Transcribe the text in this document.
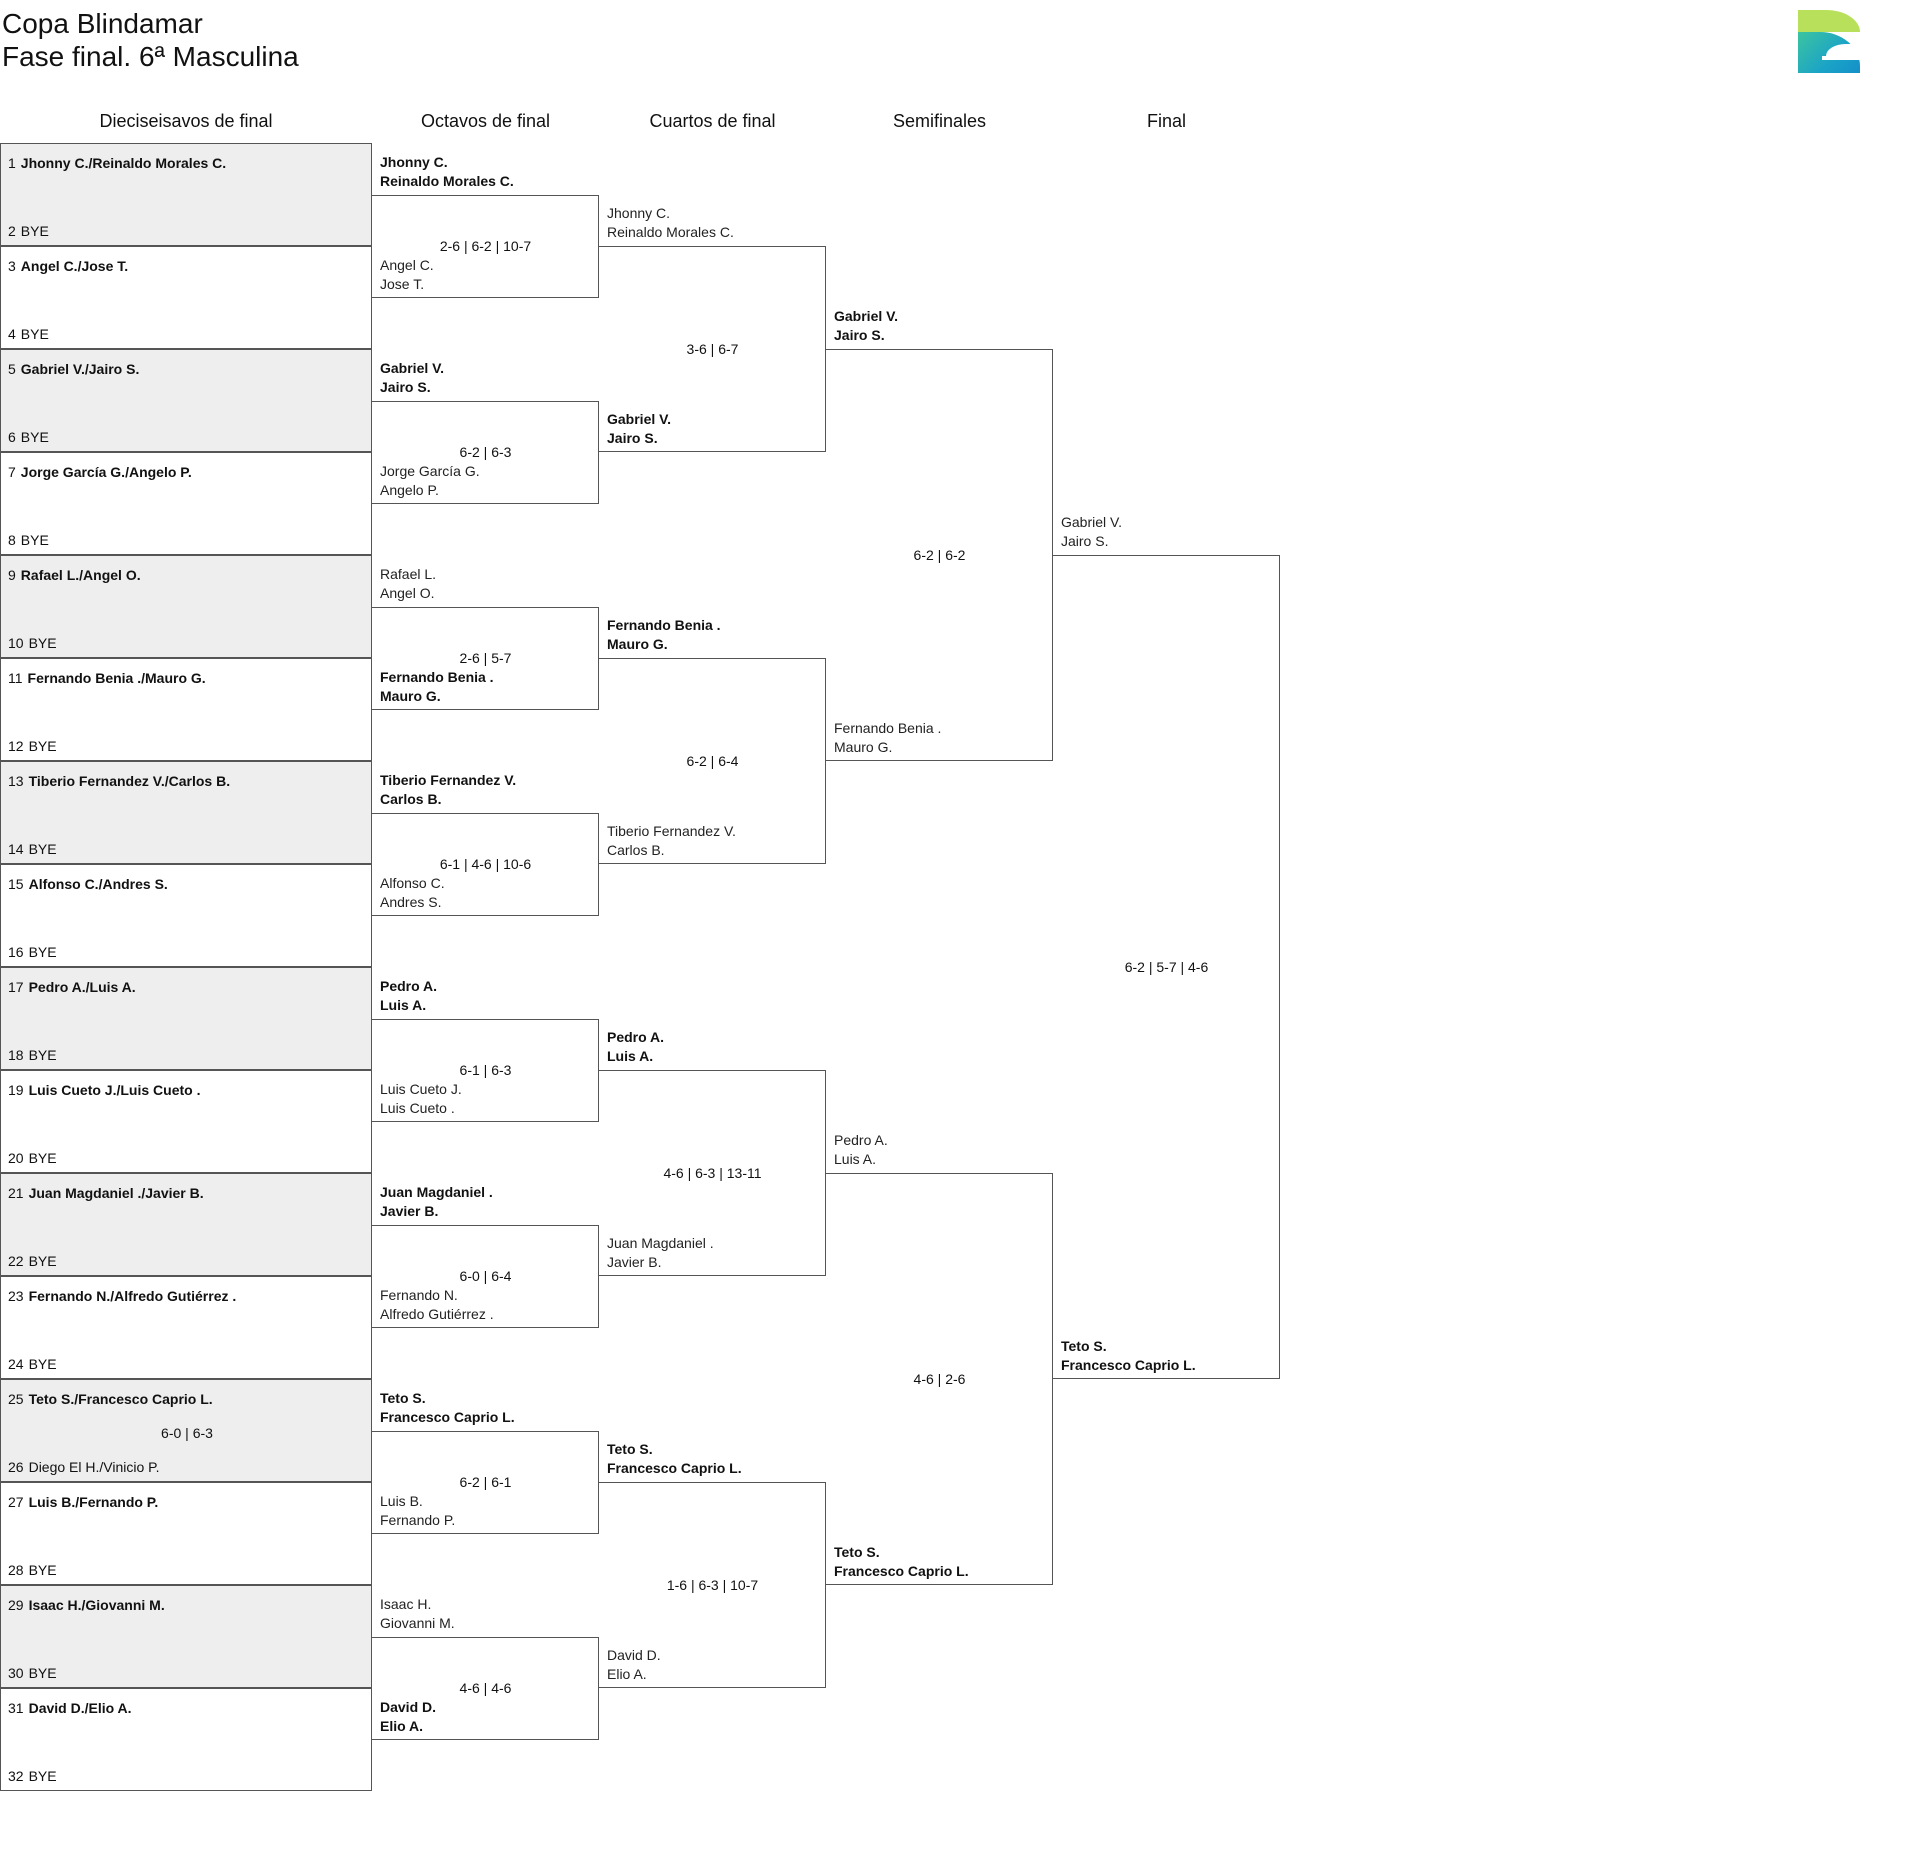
Copa Blindamar
Fase final. 6ª Masculina
Dieciseisavos de final	Octavos de final	Cuartos de final	Semifinales	Final
1 Jhonny C./Reinaldo Morales C.
2 BYE
3 Angel C./Jose T.
4 BYE
5 Gabriel V./Jairo S.
6 BYE
7 Jorge García G./Angelo P.
8 BYE
9 Rafael L./Angel O.
10 BYE
11 Fernando Benia ./Mauro G.
12 BYE
13 Tiberio Fernandez V./Carlos B.
14 BYE
15 Alfonso C./Andres S.
16 BYE
17 Pedro A./Luis A.
18 BYE
19 Luis Cueto J./Luis Cueto .
20 BYE
21 Juan Magdaniel ./Javier B.
22 BYE
23 Fernando N./Alfredo Gutiérrez .
24 BYE
25 Teto S./Francesco Caprio L.
26 Diego El H./Vinicio P.
6-0 | 6-3
27 Luis B./Fernando P.
28 BYE
29 Isaac H./Giovanni M.
30 BYE
31 David D./Elio A.
32 BYE
Jhonny C.
Reinaldo Morales C.
Angel C.
Jose T.
2-6 | 6-2 | 10-7
Gabriel V.
Jairo S.
Jorge García G.
Angelo P.
6-2 | 6-3
Rafael L.
Angel O.
Fernando Benia .
Mauro G.
2-6 | 5-7
Tiberio Fernandez V.
Carlos B.
Alfonso C.
Andres S.
6-1 | 4-6 | 10-6
Pedro A.
Luis A.
Luis Cueto J.
Luis Cueto .
6-1 | 6-3
Juan Magdaniel .
Javier B.
Fernando N.
Alfredo Gutiérrez .
6-0 | 6-4
Teto S.
Francesco Caprio L.
Luis B.
Fernando P.
6-2 | 6-1
Isaac H.
Giovanni M.
David D.
Elio A.
4-6 | 4-6
Jhonny C.
Reinaldo Morales C.
Gabriel V.
Jairo S.
3-6 | 6-7
Fernando Benia .
Mauro G.
Tiberio Fernandez V.
Carlos B.
6-2 | 6-4
Pedro A.
Luis A.
Juan Magdaniel .
Javier B.
4-6 | 6-3 | 13-11
Teto S.
Francesco Caprio L.
David D.
Elio A.
1-6 | 6-3 | 10-7
Gabriel V.
Jairo S.
Fernando Benia .
Mauro G.
6-2 | 6-2
Pedro A.
Luis A.
Teto S.
Francesco Caprio L.
4-6 | 2-6
Gabriel V.
Jairo S.
Teto S.
Francesco Caprio L.
6-2 | 5-7 | 4-6
